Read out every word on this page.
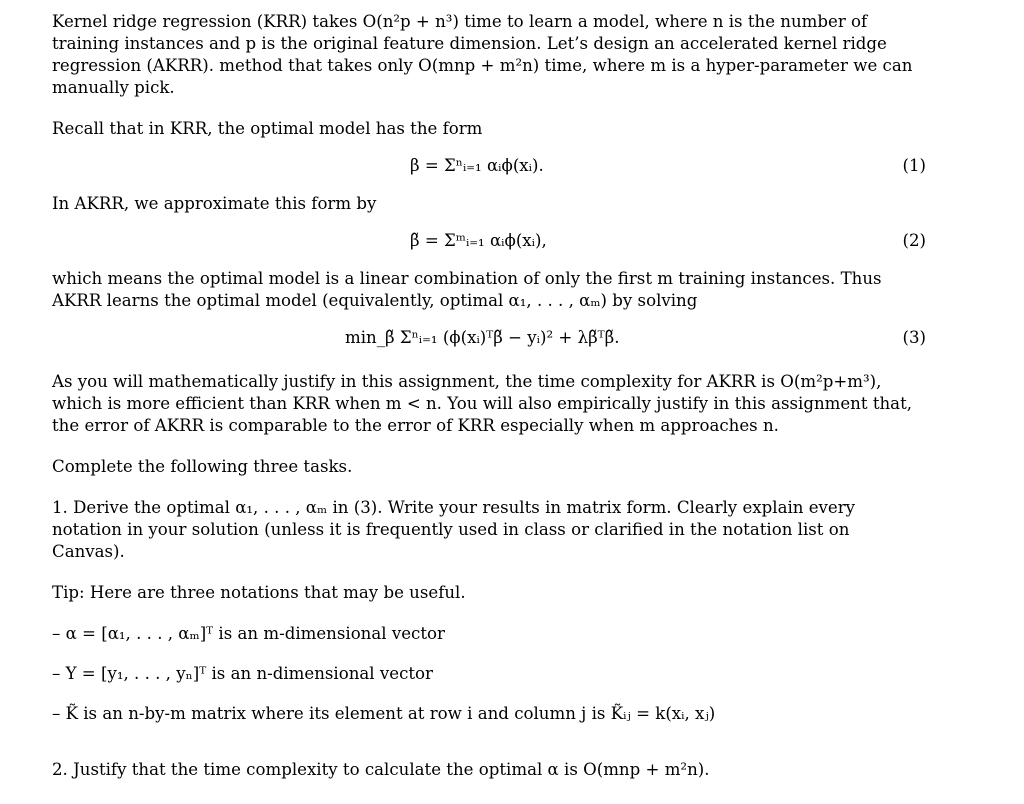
Kernel ridge regression (KRR) takes O(n²p + n³) time to learn a model, where n is the number of training instances and p is the original feature dimension. Let’s design an accelerated kernel ridge regression (AKRR). method that takes only O(mnp + m²n) time, where m is a hyper-parameter we can manually pick.

Recall that in KRR, the optimal model has the form

β = Σⁿᵢ₌₁ αᵢϕ(xᵢ).	(1)

In AKRR, we approximate this form by

β̃ = Σᵐᵢ₌₁ αᵢϕ(xᵢ),	(2)

which means the optimal model is a linear combination of only the first m training instances. Thus AKRR learns the optimal model (equivalently, optimal α₁, . . . , αₘ) by solving

min_β̃ Σⁿᵢ₌₁ (ϕ(xᵢ)ᵀβ̃ − yᵢ)² + λβ̃ᵀβ̃.	(3)

As you will mathematically justify in this assignment, the time complexity for AKRR is O(m²p+m³), which is more efficient than KRR when m < n. You will also empirically justify in this assignment that, the error of AKRR is comparable to the error of KRR especially when m approaches n.

Complete the following three tasks.

1. Derive the optimal α₁, . . . , αₘ in (3). Write your results in matrix form. Clearly explain every notation in your solution (unless it is frequently used in class or clarified in the notation list on Canvas).

Tip: Here are three notations that may be useful.

– α = [α₁, . . . , αₘ]ᵀ is an m-dimensional vector

– Y = [y₁, . . . , yₙ]ᵀ is an n-dimensional vector

– K̃ is an n-by-m matrix where its element at row i and column j is K̃ᵢⱼ = k(xᵢ, xⱼ)

2. Justify that the time complexity to calculate the optimal α is O(mnp + m²n).
